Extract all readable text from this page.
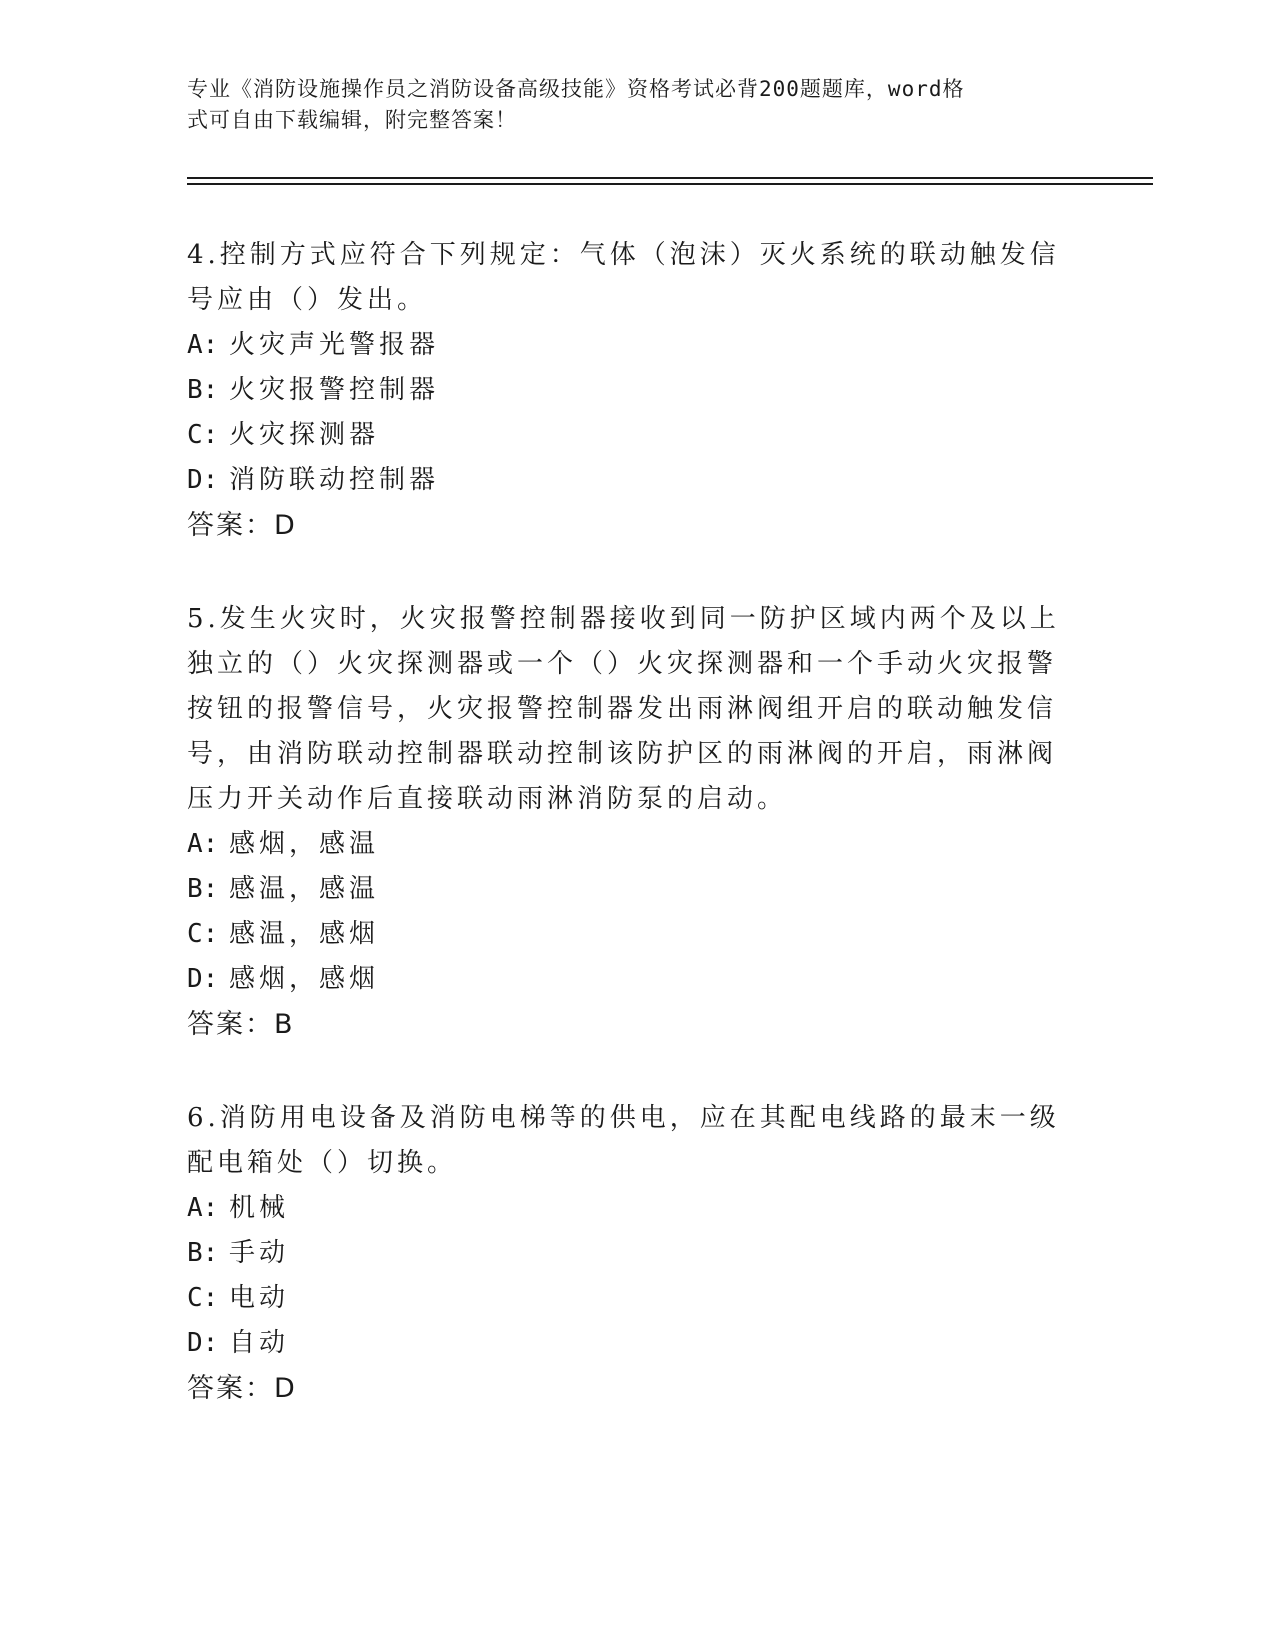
专业《消防设施操作员之消防设备高级技能》资格考试必背200题题库，word格
式可自由下载编辑，附完整答案！

4.控制方式应符合下列规定：气体（泡沫）灭火系统的联动触发信号应由（）发出。

A: 火灾声光警报器

B: 火灾报警控制器

C: 火灾探测器

D: 消防联动控制器

答案：D

5.发生火灾时，火灾报警控制器接收到同一防护区域内两个及以上独立的（）火灾探测器或一个（）火灾探测器和一个手动火灾报警按钮的报警信号，火灾报警控制器发出雨淋阀组开启的联动触发信号，由消防联动控制器联动控制该防护区的雨淋阀的开启，雨淋阀压力开关动作后直接联动雨淋消防泵的启动。

A: 感烟，感温

B: 感温，感温

C: 感温，感烟

D: 感烟，感烟

答案：B

6.消防用电设备及消防电梯等的供电，应在其配电线路的最末一级配电箱处（）切换。

A: 机械

B: 手动

C: 电动

D: 自动

答案：D
